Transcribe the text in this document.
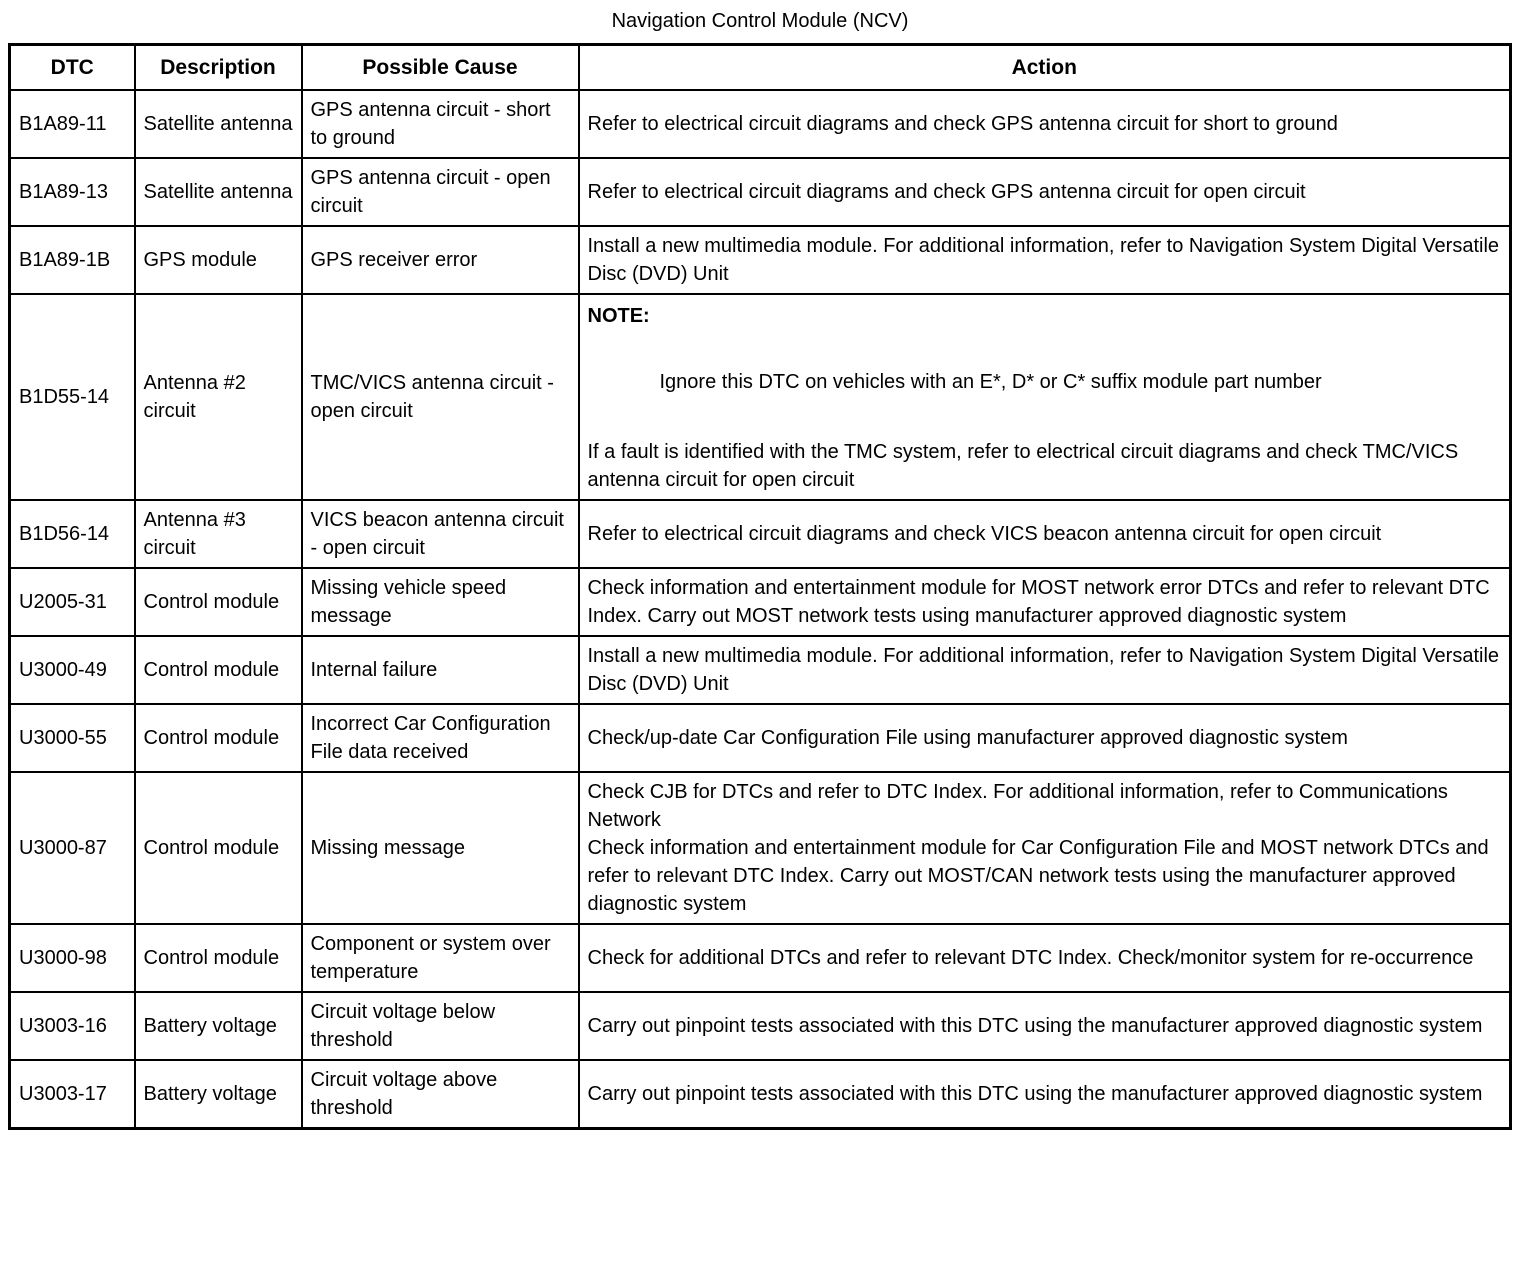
Navigation Control Module (NCV)
DTC	Description	Possible Cause	Action
B1A89-11	Satellite antenna	GPS antenna circuit - short to ground	Refer to electrical circuit diagrams and check GPS antenna circuit for short to ground

B1A89-13	Satellite antenna	GPS antenna circuit - open circuit	Refer to electrical circuit diagrams and check GPS antenna circuit for open circuit

B1A89-1B	GPS module	GPS receiver error	Install a new multimedia module. For additional information, refer to Navigation System Digital Versatile Disc (DVD) Unit

B1D55-14	Antenna #2 circuit	TMC/VICS antenna circuit - open circuit	NOTE:
Ignore this DTC on vehicles with an E*, D* or C* suffix module part number
If a fault is identified with the TMC system, refer to electrical circuit diagrams and check TMC/VICS antenna circuit for open circuit

B1D56-14	Antenna #3 circuit	VICS beacon antenna circuit - open circuit	Refer to electrical circuit diagrams and check VICS beacon antenna circuit for open circuit

U2005-31	Control module	Missing vehicle speed message	Check information and entertainment module for MOST network error DTCs and refer to relevant DTC Index. Carry out MOST network tests using manufacturer approved diagnostic system

U3000-49	Control module	Internal failure	Install a new multimedia module. For additional information, refer to Navigation System Digital Versatile Disc (DVD) Unit

U3000-55	Control module	Incorrect Car Configuration File data received	Check/up-date Car Configuration File using manufacturer approved diagnostic system

U3000-87	Control module	Missing message	Check CJB for DTCs and refer to DTC Index. For additional information, refer to Communications Network
Check information and entertainment module for Car Configuration File and MOST network DTCs and refer to relevant DTC Index. Carry out MOST/CAN network tests using the manufacturer approved diagnostic system

U3000-98	Control module	Component or system over temperature	Check for additional DTCs and refer to relevant DTC Index. Check/monitor system for re-occurrence

U3003-16	Battery voltage	Circuit voltage below threshold	Carry out pinpoint tests associated with this DTC using the manufacturer approved diagnostic system

U3003-17	Battery voltage	Circuit voltage above threshold	Carry out pinpoint tests associated with this DTC using the manufacturer approved diagnostic system
